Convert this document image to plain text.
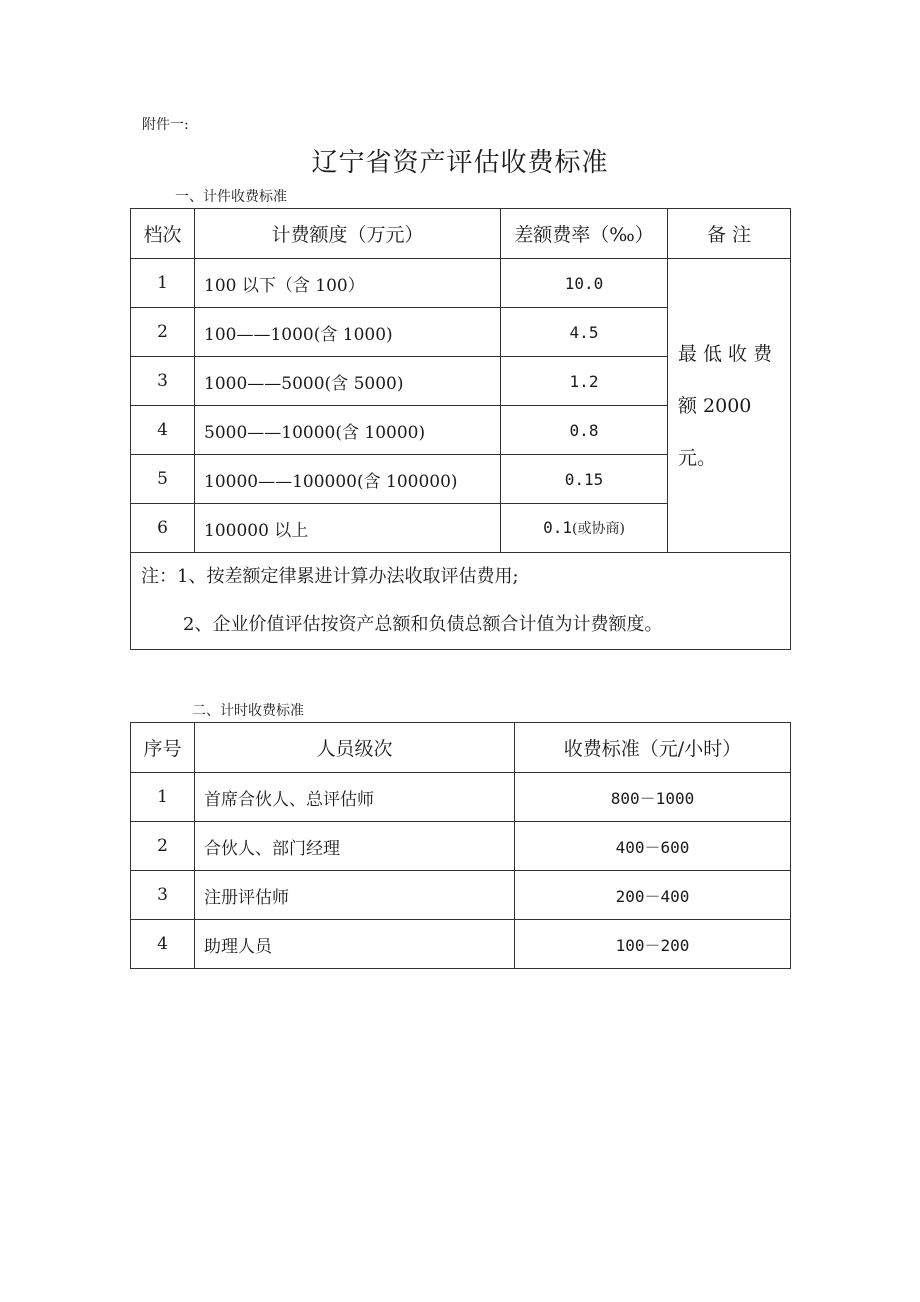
附件一:
辽宁省资产评估收费标准
一、计件收费标准
档次	计费额度（万元）	差额费率（‰）	备 注
1	100 以下（含 100）	10.0	最低收费
额 2000 元。

2	100——1000(含 1000)	4.5	
3	1000——5000(含 5000)	1.2	
4	5000——10000(含 10000)	0.8	
5	10000——100000(含 100000)	0.15	
6	100000 以上	0.1(或协商)	

注：1、按差额定律累进计算办法收取评估费用;
2、企业价值评估按资产总额和负债总额合计值为计费额度。			
二、计时收费标准
序号	人员级次	收费标准（元/小时）
1	首席合伙人、总评估师	800－1000
2	合伙人、部门经理	400－600
3	注册评估师	200－400
4	助理人员	100－200
